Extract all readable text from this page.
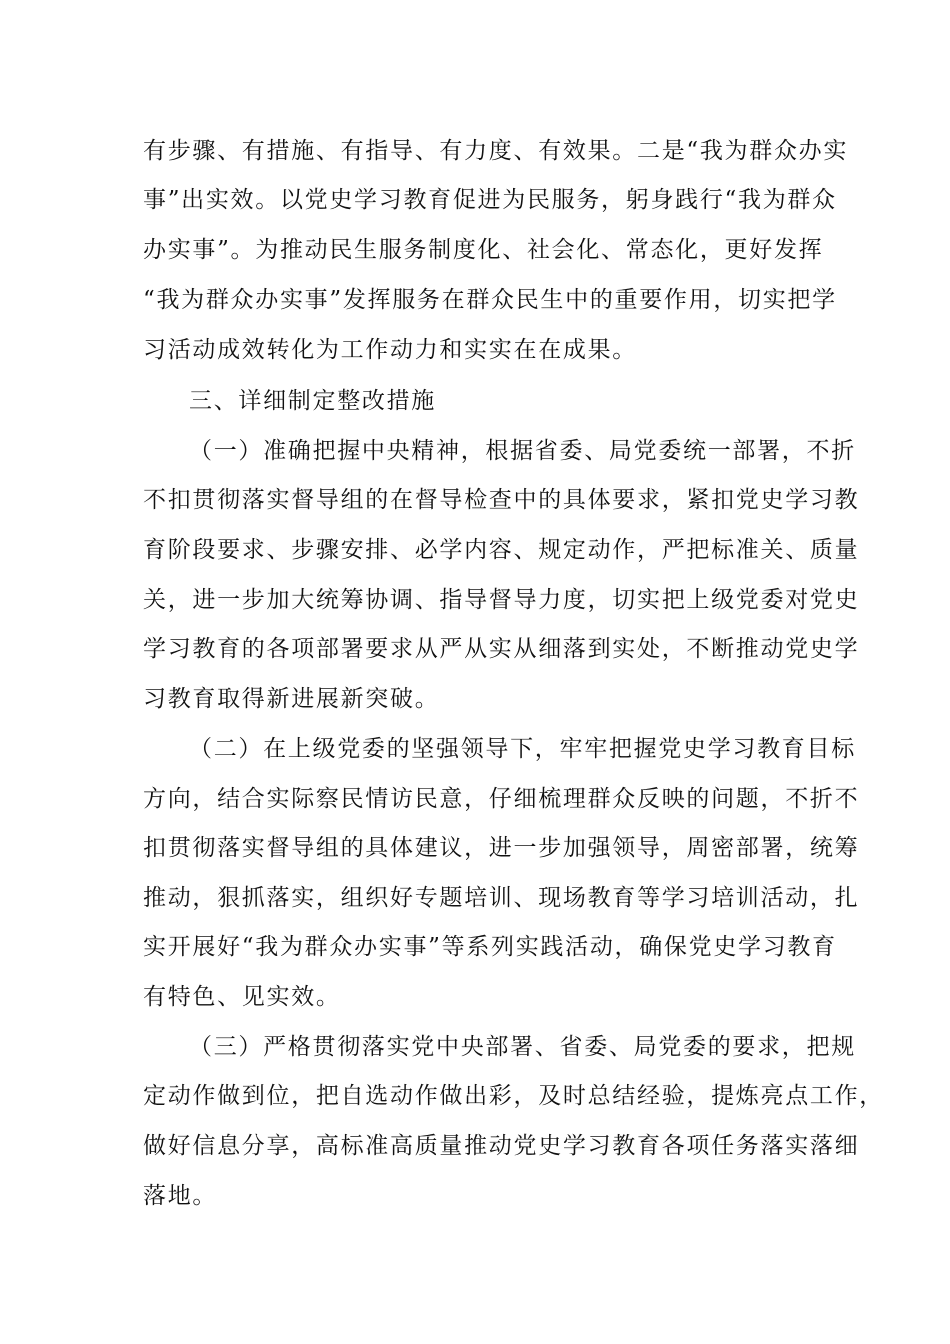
有步骤、有措施、有指导、有力度、有效果。二是“我为群众办实
事”出实效。以党史学习教育促进为民服务，躬身践行“我为群众
办实事”。为推动民生服务制度化、社会化、常态化，更好发挥
“我为群众办实事”发挥服务在群众民生中的重要作用，切实把学
习活动成效转化为工作动力和实实在在成果。
三、详细制定整改措施
（一）准确把握中央精神，根据省委、局党委统一部署，不折
不扣贯彻落实督导组的在督导检查中的具体要求，紧扣党史学习教
育阶段要求、步骤安排、必学内容、规定动作，严把标准关、质量
关，进一步加大统筹协调、指导督导力度，切实把上级党委对党史
学习教育的各项部署要求从严从实从细落到实处，不断推动党史学
习教育取得新进展新突破。
（二）在上级党委的坚强领导下，牢牢把握党史学习教育目标
方向，结合实际察民情访民意，仔细梳理群众反映的问题，不折不
扣贯彻落实督导组的具体建议，进一步加强领导，周密部署，统筹
推动，狠抓落实，组织好专题培训、现场教育等学习培训活动，扎
实开展好“我为群众办实事”等系列实践活动，确保党史学习教育
有特色、见实效。
（三）严格贯彻落实党中央部署、省委、局党委的要求，把规
定动作做到位，把自选动作做出彩，及时总结经验，提炼亮点工作，
做好信息分享，高标准高质量推动党史学习教育各项任务落实落细
落地。
